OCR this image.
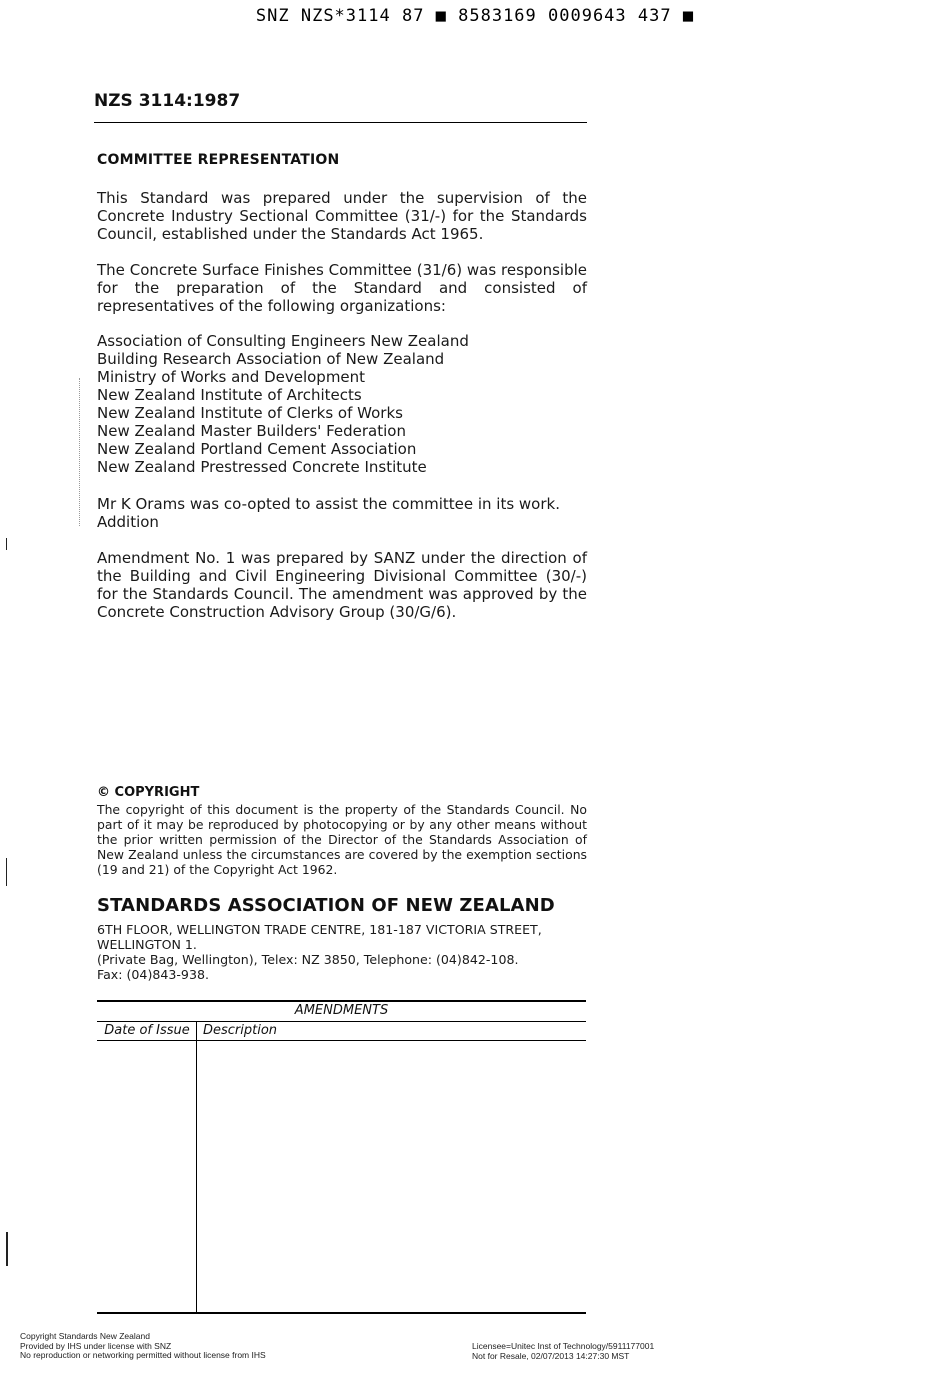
SNZ NZS*3114 87 ■ 8583169 0009643 437 ■
NZS 3114:1987
COMMITTEE REPRESENTATION
This Standard was prepared under the supervision of the Concrete Industry Sectional Committee (31/-) for the Standards Council, established under the Standards Act 1965.
The Concrete Surface Finishes Committee (31/6) was responsible for the preparation of the Standard and consisted of representatives of the following organizations:
Association of Consulting Engineers New Zealand
Building Research Association of New Zealand
Ministry of Works and Development
New Zealand Institute of Architects
New Zealand Institute of Clerks of Works
New Zealand Master Builders' Federation
New Zealand Portland Cement Association
New Zealand Prestressed Concrete Institute
Mr K Orams was co-opted to assist the committee in its work.
Addition
Amendment No. 1 was prepared by SANZ under the direction of the Building and Civil Engineering Divisional Committee (30/-) for the Standards Council. The amendment was approved by the Concrete Construction Advisory Group (30/G/6).
© COPYRIGHT
The copyright of this document is the property of the Standards Council. No part of it may be reproduced by photocopying or by any other means without the prior written permission of the Director of the Standards Association of New Zealand unless the circumstances are covered by the exemption sections (19 and 21) of the Copyright Act 1962.
STANDARDS ASSOCIATION OF NEW ZEALAND
6TH FLOOR, WELLINGTON TRADE CENTRE, 181-187 VICTORIA STREET,
WELLINGTON 1.
(Private Bag, Wellington), Telex: NZ 3850, Telephone: (04)842-108.
Fax: (04)843-938.
AMENDMENTS
Date of Issue	Description
Copyright Standards New Zealand
Provided by IHS under license with SNZ
No reproduction or networking permitted without license from IHS
Licensee=Unitec Inst of Technology/5911177001
Not for Resale, 02/07/2013 14:27:30 MST
